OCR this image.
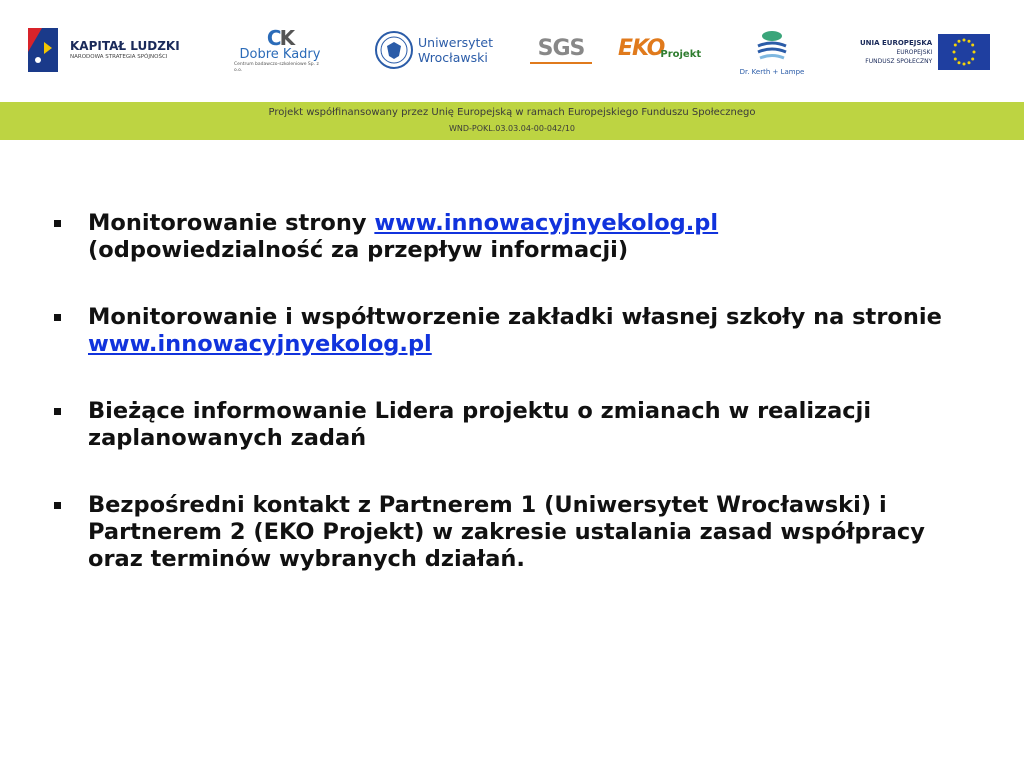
KAPITAŁ LUDZKI
NARODOWA STRATEGIA SPÓJNOŚCI
CK
Dobre Kadry
Centrum badawczo-szkoleniowe Sp. z o.o.
Uniwersytet
Wrocławski SGS EKO
Projekt
Dr. Kerth + Lampe
UNIA EUROPEJSKA
EUROPEJSKI
FUNDUSZ SPOŁECZNY
Projekt współfinansowany przez Unię Europejską w ramach Europejskiego Funduszu Społecznego
WND-POKL.03.03.04-00-042/10
Monitorowanie strony www.innowacyjnyekolog.pl
(odpowiedzialność za przepływ informacji)
Monitorowanie i współtworzenie zakładki własnej szkoły na stronie www.innowacyjnyekolog.pl
Bieżące informowanie Lidera projektu o zmianach w realizacji zaplanowanych zadań
Bezpośredni kontakt z Partnerem 1 (Uniwersytet Wrocławski) i Partnerem 2 (EKO Projekt) w zakresie ustalania zasad współpracy oraz terminów wybranych działań.
